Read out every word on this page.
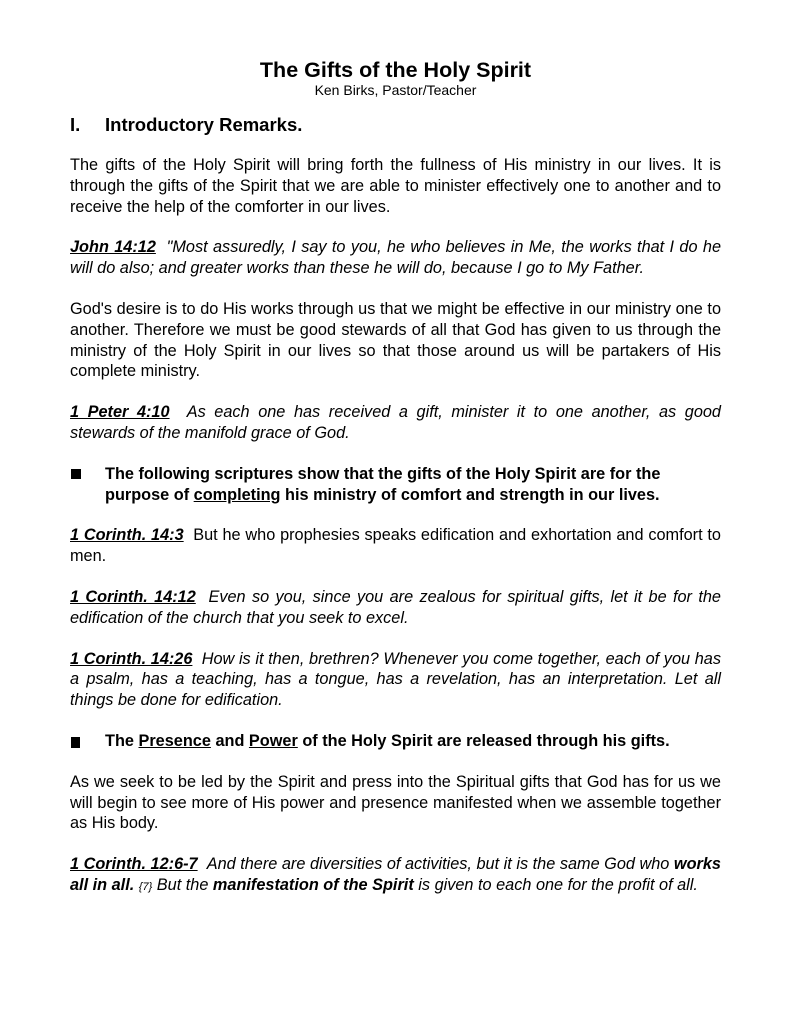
The Gifts of the Holy Spirit
Ken Birks, Pastor/Teacher
I.	Introductory Remarks.

The gifts of the Holy Spirit will bring forth the fullness of His ministry in our lives. It is through the gifts of the Spirit that we are able to minister effectively one to another and to receive the help of the comforter in our lives.

John 14:12 "Most assuredly, I say to you, he who believes in Me, the works that I do he will do also; and greater works than these he will do, because I go to My Father.

God's desire is to do His works through us that we might be effective in our ministry one to another. Therefore we must be good stewards of all that God has given to us through the ministry of the Holy Spirit in our lives so that those around us will be partakers of His complete ministry.

1 Peter 4:10 As each one has received a gift, minister it to one another, as good stewards of the manifold grace of God.

The following scriptures show that the gifts of the Holy Spirit are for the purpose of completing his ministry of comfort and strength in our lives.

1 Corinth. 14:3 But he who prophesies speaks edification and exhortation and comfort to men.

1 Corinth. 14:12 Even so you, since you are zealous for spiritual gifts, let it be for the edification of the church that you seek to excel.

1 Corinth. 14:26 How is it then, brethren? Whenever you come together, each of you has a psalm, has a teaching, has a tongue, has a revelation, has an interpretation. Let all things be done for edification.

The Presence and Power of the Holy Spirit are released through his gifts.

As we seek to be led by the Spirit and press into the Spiritual gifts that God has for us we will begin to see more of His power and presence manifested when we assemble together as His body.

1 Corinth. 12:6-7 And there are diversities of activities, but it is the same God who works all in all. {7} But the manifestation of the Spirit is given to each one for the profit of all.
